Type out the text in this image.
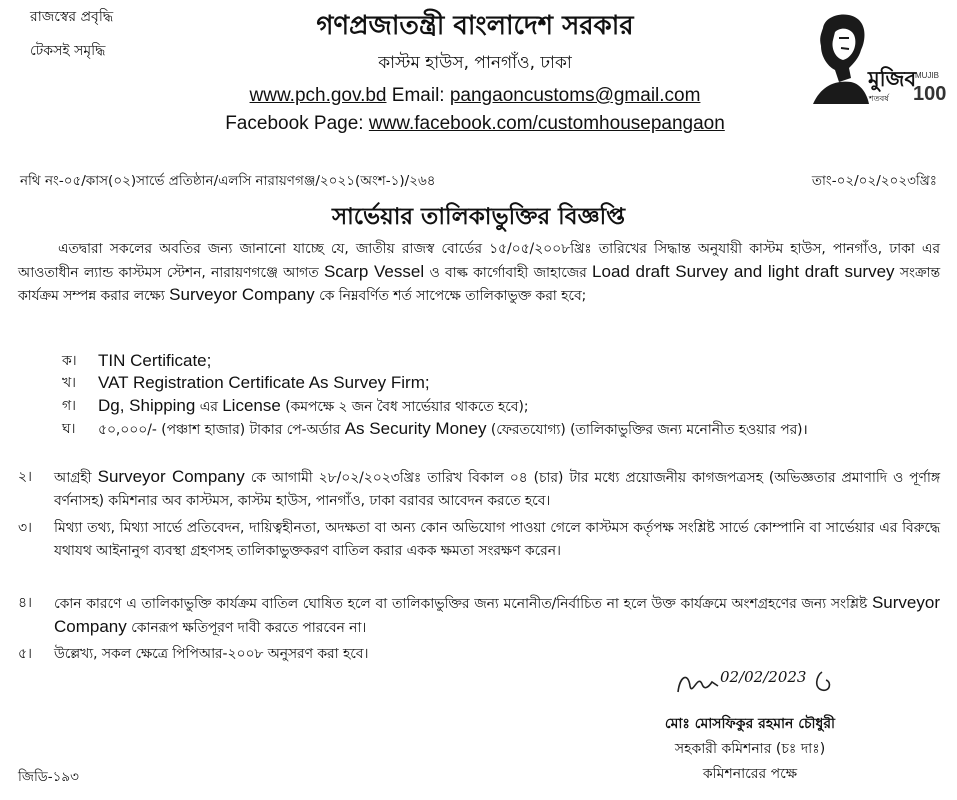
রাজস্বের প্রবৃদ্ধি
টেকসই সমৃদ্ধি
গণপ্রজাতন্ত্রী বাংলাদেশ সরকার
কাস্টম হাউস, পানগাঁও, ঢাকা
www.pch.gov.bd Email: pangaoncustoms@gmail.com
Facebook Page: www.facebook.com/customhousepangaon
মুজিব
শতবর্ষ
MUJIB
100
নথি নং-০৫/কাস(০২)সার্ভে প্রতিষ্ঠান/এলসি নারায়ণগঞ্জ/২০২১(অংশ-১)/২৬৪	তাং-০২/০২/২০২৩খ্রিঃ
সার্ভেয়ার তালিকাভুক্তির বিজ্ঞপ্তি
এতদ্বারা সকলের অবতির জন্য জানানো যাচ্ছে যে, জাতীয় রাজস্ব বোর্ডের ১৫/০৫/২০০৮খ্রিঃ তারিখের সিদ্ধান্ত অনুযায়ী কাস্টম হাউস, পানগাঁও, ঢাকা এর আওতাধীন ল্যান্ড কাস্টমস স্টেশন, নারায়ণগঞ্জে আগত Scarp Vessel ও বাল্ক কার্গোবাহী জাহাজের Load draft Survey and light draft survey সংক্রান্ত কার্যক্রম সম্পন্ন করার লক্ষ্যে Surveyor Company কে নিম্নবর্ণিত শর্ত সাপেক্ষে তালিকাভুক্ত করা হবে;
ক। TIN Certificate;
খ। VAT Registration Certificate As Survey Firm;
গ। Dg, Shipping এর License (কমপক্ষে ২ জন বৈধ সার্ভেয়ার থাকতে হবে);
ঘ। ৫০,০০০/- (পঞ্চাশ হাজার) টাকার পে-অর্ডার As Security Money (ফেরতযোগ্য) (তালিকাভুক্তির জন্য মনোনীত হওয়ার পর)।
২। আগ্রহী Surveyor Company কে আগামী ২৮/০২/২০২৩খ্রিঃ তারিখ বিকাল ০৪ (চার) টার মধ্যে প্রয়োজনীয় কাগজপত্রসহ (অভিজ্ঞতার প্রমাণাদি ও পূর্ণাঙ্গ বর্ণনাসহ) কমিশনার অব কাস্টমস, কাস্টম হাউস, পানগাঁও, ঢাকা বরাবর আবেদন করতে হবে।
৩। মিথ্যা তথ্য, মিথ্যা সার্ভে প্রতিবেদন, দায়িত্বহীনতা, অদক্ষতা বা অন্য কোন অভিযোগ পাওয়া গেলে কাস্টমস কর্তৃপক্ষ সংশ্লিষ্ট সার্ভে কোম্পানি বা সার্ভেয়ার এর বিরুদ্ধে যথাযথ আইনানুগ ব্যবস্থা গ্রহণসহ তালিকাভুক্তকরণ বাতিল করার একক ক্ষমতা সংরক্ষণ করেন।
৪। কোন কারণে এ তালিকাভুক্তি কার্যক্রম বাতিল ঘোষিত হলে বা তালিকাভুক্তির জন্য মনোনীত/নির্বাচিত না হলে উক্ত কার্যক্রমে অংশগ্রহণের জন্য সংশ্লিষ্ট Surveyor Company কোনরূপ ক্ষতিপূরণ দাবী করতে পারবেন না।
৫। উল্লেখ্য, সকল ক্ষেত্রে পিপিআর-২০০৮ অনুসরণ করা হবে।
02/02/2023
মোঃ মোসফিকুর রহমান চৌধুরী
সহকারী কমিশনার (চঃ দাঃ)
কমিশনারের পক্ষে
জিডি-১৯৩
